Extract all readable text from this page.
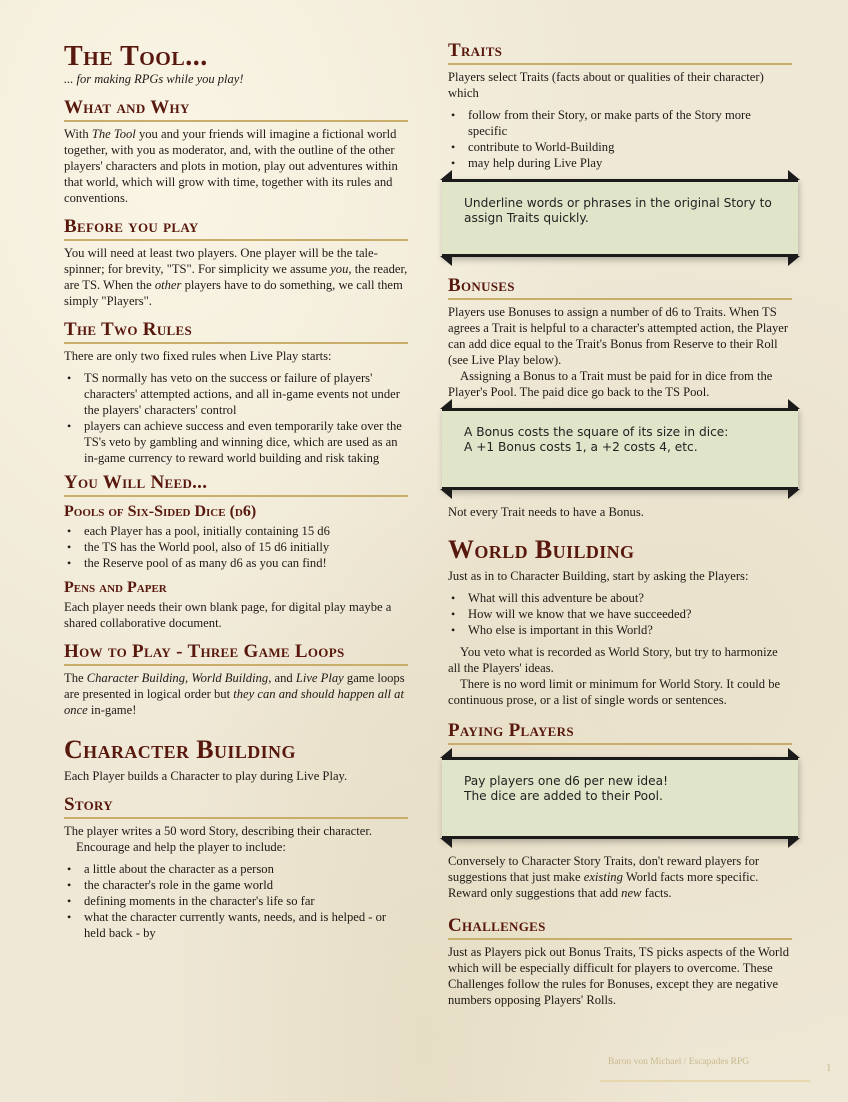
The Tool...
... for making RPGs while you play!
What and Why

With The Tool you and your friends will imagine a fictional world together, with you as moderator, and, with the outline of the other players' characters and plots in motion, play out adventures within that world, which will grow with time, together with its rules and conventions.

Before you play

You will need at least two players. One player will be the tale-spinner; for brevity, "TS". For simplicity we assume you, the reader, are TS. When the other players have to do something, we call them simply "Players".

The Two Rules

There are only two fixed rules when Live Play starts:

• TS normally has veto on the success or failure of players' characters' attempted actions, and all in-game events not under the players' characters' control
• players can achieve success and even temporarily take over the TS's veto by gambling and winning dice, which are used as an in-game currency to reward world building and risk taking
You Will Need...
Pools of Six-Sided Dice (d6)
• each Player has a pool, initially containing 15 d6
• the TS has the World pool, also of 15 d6 initially
• the Reserve pool of as many d6 as you can find!
Pens and Paper

Each player needs their own blank page, for digital play maybe a shared collaborative document.

How to Play - Three Game Loops

The Character Building, World Building, and Live Play game loops are presented in logical order but they can and should happen all at once in-game!

Character Building

Each Player builds a Character to play during Live Play.

Story

The player writes a 50 word Story, describing their character.

Encourage and help the player to include:

• a little about the character as a person
• the character's role in the game world
• defining moments in the character's life so far
• what the character currently wants, needs, and is helped - or held back - by
Traits

Players select Traits (facts about or qualities of their character) which

• follow from their Story, or make parts of the Story more specific
• contribute to World-Building
• may help during Live Play
Underline words or phrases in the original Story to assign Traits quickly.
Bonuses

Players use Bonuses to assign a number of d6 to Traits. When TS agrees a Trait is helpful to a character's attempted action, the Player can add dice equal to the Trait's Bonus from Reserve to their Roll (see Live Play below).

Assigning a Bonus to a Trait must be paid for in dice from the Player's Pool. The paid dice go back to the TS Pool.

A Bonus costs the square of its size in dice:
A +1 Bonus costs 1, a +2 costs 4, etc.

Not every Trait needs to have a Bonus.

World Building

Just as in to Character Building, start by asking the Players:

• What will this adventure be about?
• How will we know that we have succeeded?
• Who else is important in this World?

You veto what is recorded as World Story, but try to harmonize all the Players' ideas.

There is no word limit or minimum for World Story. It could be continuous prose, or a list of single words or sentences.

Paying Players
Pay players one d6 per new idea!
The dice are added to their Pool.

Conversely to Character Story Traits, don't reward players for suggestions that just make existing World facts more specific. Reward only suggestions that add new facts.

Challenges

Just as Players pick out Bonus Traits, TS picks aspects of the World which will be especially difficult for players to overcome. These Challenges follow the rules for Bonuses, except they are negative numbers opposing Players' Rolls.

Baron von Michael / Escapades RPG	1
